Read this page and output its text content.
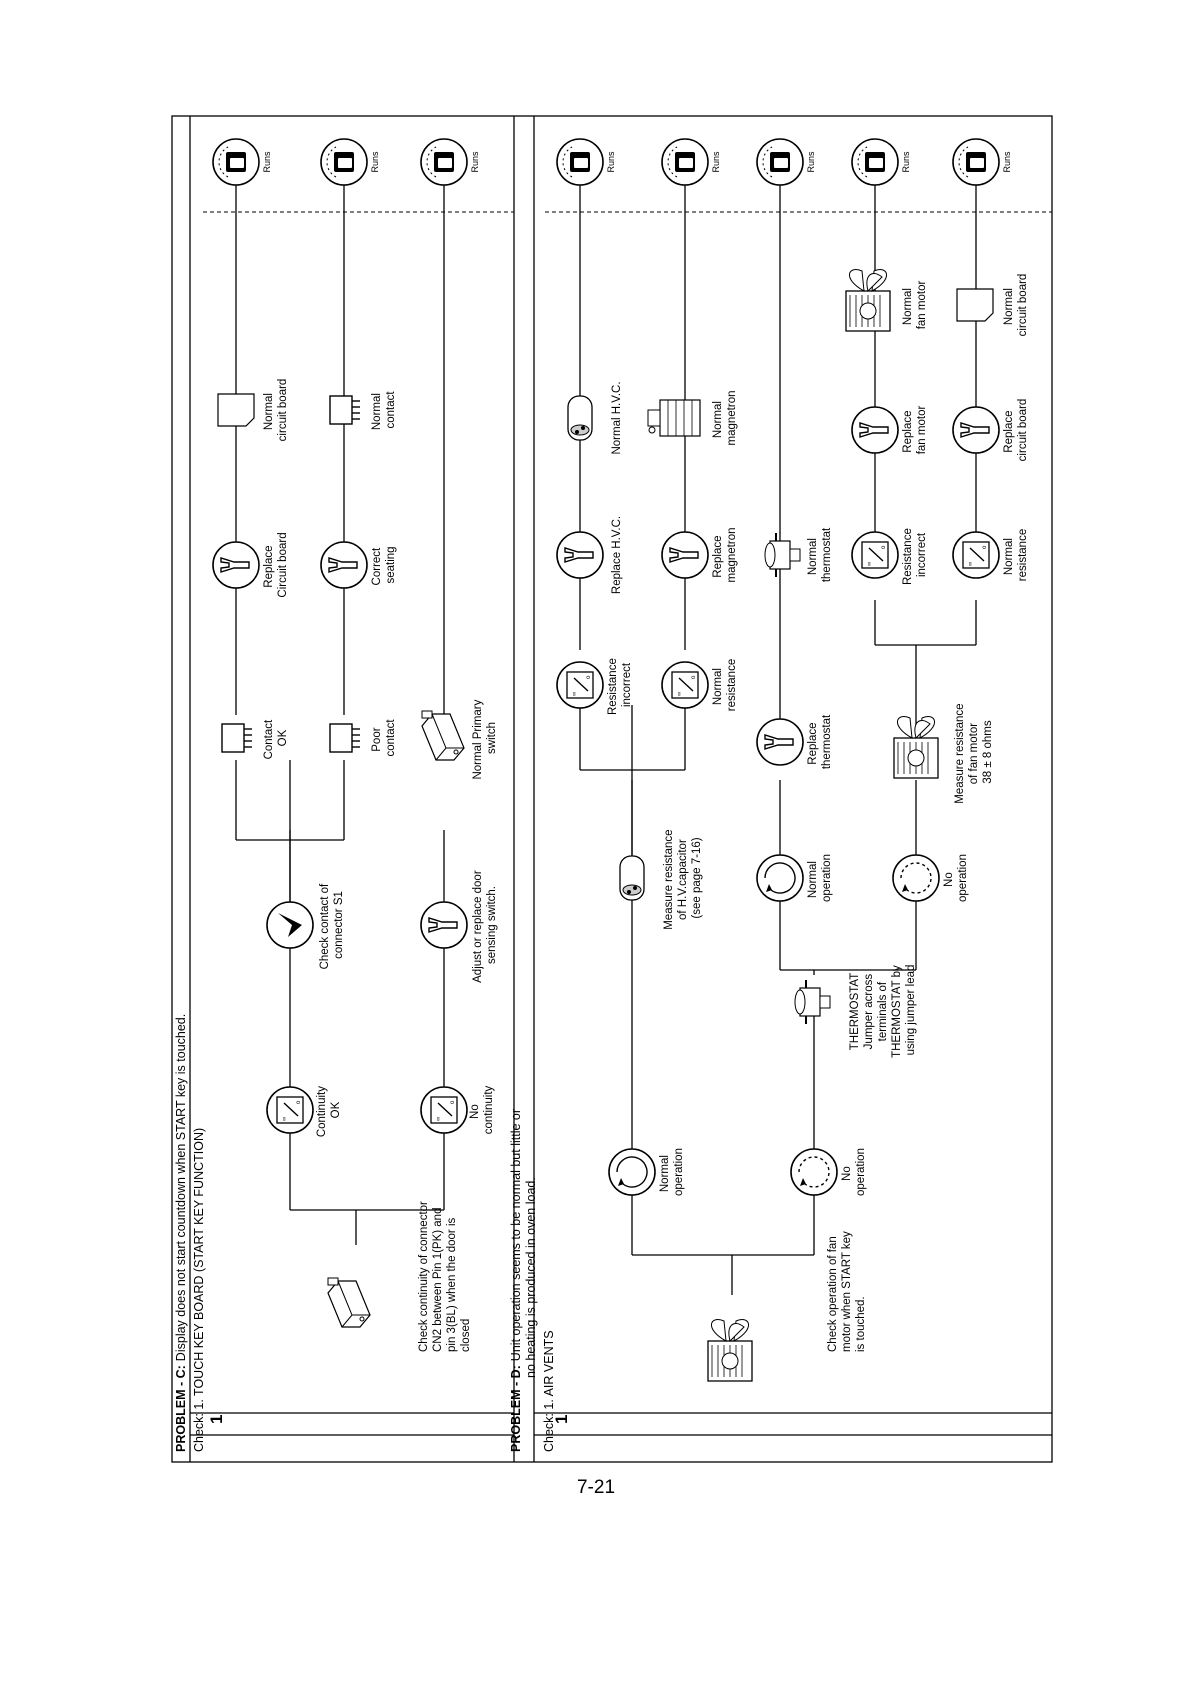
o
PROBLEM - C:Display does not start countdown when START key is touched. Check: 1. TOUCH KEY BOARD (START KEY FUNCTION) 1	PROBLEM - D:Unit operation seems to be normal but little or no heating is produced in oven load.
Check: 1. AIR VENTS
1
Check continuity of connector CN2 between Pin 1(PK) and pin 3(BL) when the door is closed
Continuity OK	No continuity
Check contact of connector S1	Adjust or replace door sensing switch.
Contact OK	Poor contact	Normal Primary switch
Replace Circuit board	Correct seating
Normal circuit board	Normal contact
Runs	Runs	Runs
Check operation of fan motor when START key is touched.
Normal operation	No operation
Measure resistance of H.V.capacitor (see page 7-16)
THERMOSTAT Jumper across terminals of THERMOSTAT by using jumper lead
Normal operation	No operation
Resistance incorrect	Normal resistance
Replace thermostat	Measure resistance of fan motor 38 ± 8 ohms
Replace H.V.C.	Replace magnetron	Normal thermostat	Resistance incorrect	Normal resistance
Normal H.V.C.	Normal magnetron	Replace fan motor	Replace circuit board
Normal fan motor	Normal circuit board
Runs	Runs	Runs	Runs	Runs
7-21
